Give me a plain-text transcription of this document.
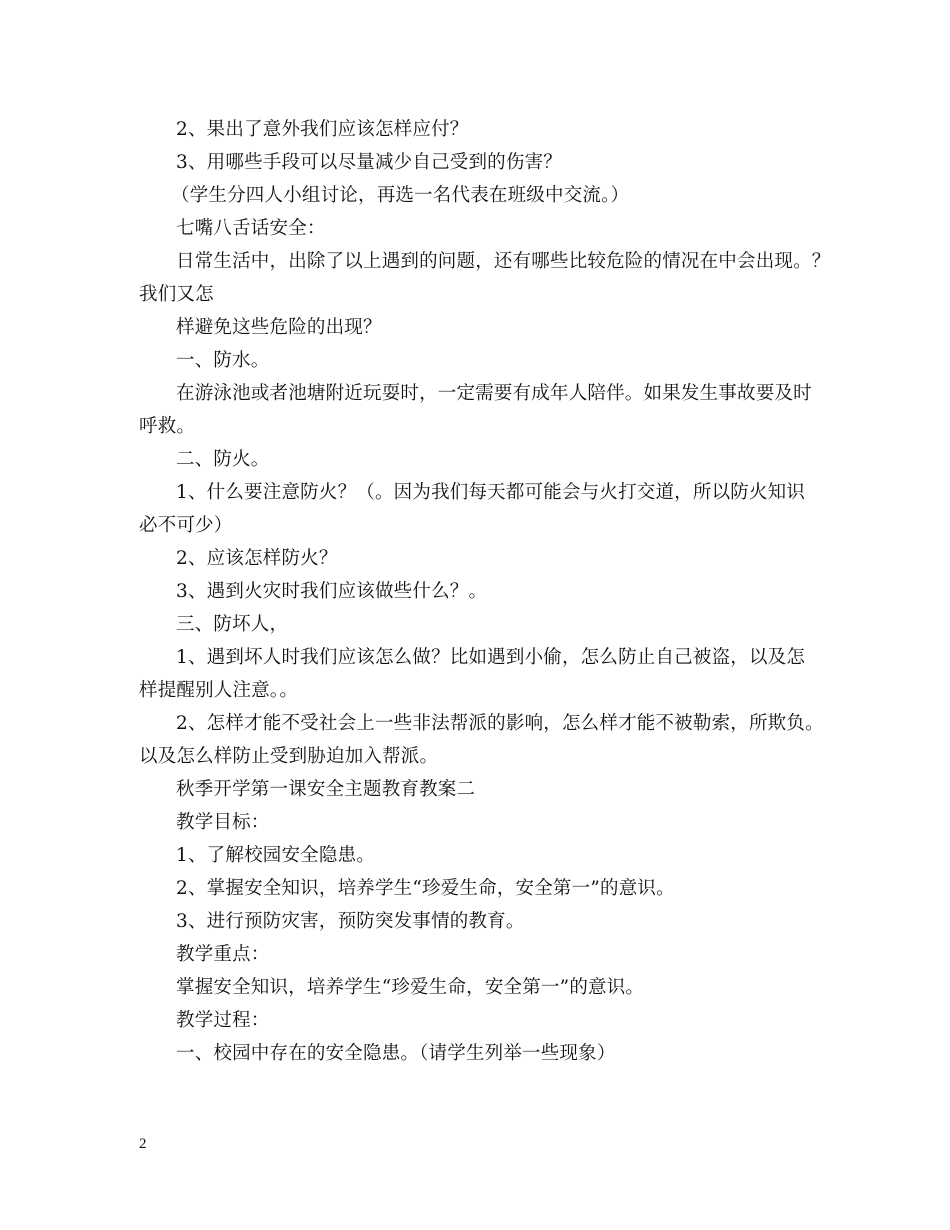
2、果出了意外我们应该怎样应付？
3、用哪些手段可以尽量减少自己受到的伤害？
（学生分四人小组讨论，再选一名代表在班级中交流。）
七嘴八舌话安全：
日常生活中，出除了以上遇到的问题，还有哪些比较危险的情况在中会出现。？
我们又怎
样避免这些危险的出现？
一、防水。
在游泳池或者池塘附近玩耍时，一定需要有成年人陪伴。如果发生事故要及时
呼救。
二、防火。
1、什么要注意防火？（。因为我们每天都可能会与火打交道，所以防火知识
必不可少）
2、应该怎样防火？
3、遇到火灾时我们应该做些什么？。
三、防坏人，
1、遇到坏人时我们应该怎么做？比如遇到小偷，怎么防止自己被盗，以及怎
样提醒别人注意。。
2、怎样才能不受社会上一些非法帮派的影响，怎么样才能不被勒索，所欺负。
以及怎么样防止受到胁迫加入帮派。
秋季开学第一课安全主题教育教案二
教学目标：
1、了解校园安全隐患。
2、掌握安全知识，培养学生“珍爱生命，安全第一”的意识。
3、进行预防灾害，预防突发事情的教育。
教学重点：
掌握安全知识，培养学生“珍爱生命，安全第一”的意识。
教学过程：
一、校园中存在的安全隐患。（请学生列举一些现象）
2
